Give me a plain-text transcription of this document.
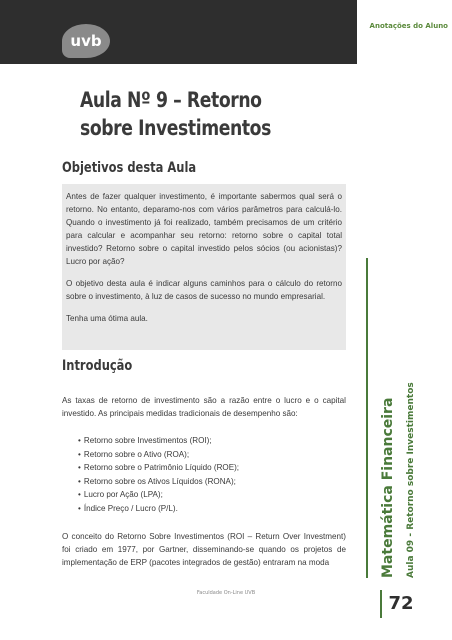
uvb
Anotações do Aluno
Matemática Financeira Aula 09 - Retorno sobre Investimentos
72
Aula Nº 9 – Retorno sobre Investimentos
Objetivos desta Aula

Antes de fazer qualquer investimento, é importante sabermos qual será o retorno. No entanto, deparamo-nos com vários parâmetros para calculá-lo. Quando o investimento já foi realizado, também precisamos de um critério para calcular e acompanhar seu retorno: retorno sobre o capital total investido? Retorno sobre o capital investido pelos sócios (ou acionistas)? Lucro por ação?

O objetivo desta aula é indicar alguns caminhos para o cálculo do retorno sobre o investimento, à luz de casos de sucesso no mundo empresarial.

Tenha uma ótima aula.

Introdução

As taxas de retorno de investimento são a razão entre o lucro e o capital investido. As principais medidas tradicionais de desempenho são:

• Retorno sobre Investimentos (ROI);
• Retorno sobre o Ativo (ROA);
• Retorno sobre o Patrimônio Líquido (ROE);
• Retorno sobre os Ativos Líquidos (RONA);
• Lucro por Ação (LPA);
• Índice Preço / Lucro (P/L).

O conceito do Retorno Sobre Investimentos (ROI – Return Over Investment) foi criado em 1977, por Gartner, disseminando-se quando os projetos de implementação de ERP (pacotes integrados de gestão) entraram na moda

Faculdade On-Line UVB
